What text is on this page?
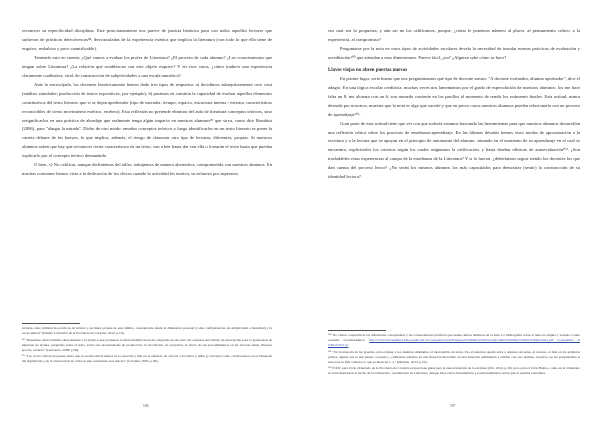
reconocer su especificidad disciplinar. Este posicionamiento nos parece de justicia histórica para con todos aquellos lectores que sufrieron de prácticas detectivescas⁸⁸, desvinculadas de la experiencia estética que implica la literatura (con todo lo que ella tiene de esquivo, resbaloso y poco cuantificable).

Teniendo esto en cuenta: ¿Qué vamos a evaluar los profes de Literatura? ¿El proceso de cada alumno? ¿Los conocimientos que tengan sobre Literatura? ¿La relación que establezcan con este objeto esquivo? Y en esos casos, ¿cómo traducir una experiencia claramente cualitativa, vital, de construcción de subjetividades a una escala numérica?

Ante la encrucijada, los docentes históricamente hemos dado tres tipos de respuesta: a) decidimos subrepticiamente cero cosa (análisis simulador, producción de textos expositivos, por ejemplo); b) pusimos en cuestión la capacidad de evaluar aquellos elementos constitutivos del texto literario que si se dejan aprehender (tipo de narrador, tiempo, espacio, estructura interna / externa, características reconocibles de cierto movimiento estético, etcétera). Esta reflexión no pretende eliminar del aula de literatura conceptos teóricos, sino resignificarlos en una práctica de abordaje que realmente tenga algún impacto en nuestros alumnos⁸⁹ que sirva, como dice Bombini (2006), para "alargar la mirada". Dicho de otro modo: enseñar conceptos teóricos y luego identificarlos en un texto literario es poner la carreta delante de los bueyes, lo que implica, además, el riesgo de clausurar otro tipo de lecturas, diferentes, propias. Si nuestros alumnos saben que hay que reconocer cierta característica en un texto, van a leer hasta dar con ella o forzarán el texto hasta que puedan explicarlo por el concepto teórico demandado.

O bien, c) No calificar, aunque disfrutemos del taller, trabajemos de manera alternativa, comprometida con nuestros alumnos. En muchas ocasiones hemos visto a la dedicación de los chicos cuando la actividad les motiva, su esfuerzo por superarse,

lecturas, sino también las prácticas de lectura y escritura propias de este ámbito, considerados desde la dimensión personal (como configuradoras de subjetividad e identidad) y la sociocultural" (Diseño Curricular de la Provincia de Córdoba, 2012, p.10).
⁸⁸ "Denomino direccionismo directamente a la práctica que promueve la mera identificación de categorías en un texto sin ocuparse del trabajo de descripción para la generación de hipótesis de lectura, preguntas sobre el texto, sobre sus circunstancias de producción, su circulación, su recepción, el efecto de sus procedimientos en los lectores desde diversas épocas, etcétera" (Gerbaudo, 2008, p.59).
⁸⁹ "Las voces críticas proponen ahora que la escuela inicia menos en la reacción y más en el esfuerzo de colocar a los niños y niñas (y jóvenes) como colaboradores en la búsqueda del significado y en la observación de cómo se han construido esos efectos" (Colomer, 2005, p.39).
106

sea cual sea la propuesta, y aún así no los calificamos, porque, ¿cómo le ponemos número al placer, al pensamiento crítico, a la experiencia, al compromiso?

Preguntarse por la nota en otros tipos de actividades escolares devela la necesidad de instalar nuevas prácticas de evaluación y acreditación¹⁰⁰ que atiendan a esas dimensiones. Parece fácil, ¿no? ¿Alguien sabe cómo se hace?

Llaves viejas no abren puertas nuevas

En primer lugar, sería bueno que nos preguntáramos qué tipo de docente somos: "A docente evaluador, alumno aprobador", dice el adagio. En una lógica escolar crediticia, muchas veces nos lamentamos por el grado de especulación de nuestros alumnos: los me hace falta un 8, me alcanza con un 6, son moneda corriente en los pasillos al momento de rendir los exámenes finales. Esta actitud, nunca deseada por nosotros, muestra que la nota es algo que sucede y que en pocos casos nuestros alumnos pueden relacionarla con un proceso de aprendizaje¹⁰¹.

Gran parte de esta actitud tiene que ver con que todavía estamos buscando las herramientas para que nuestros alumnos desarrollen una reflexión crítica sobre los procesos de enseñanza-aprendizaje. En las últimas décadas hemos visto modos de aproximación a la escritura y a la lectura que se apoyan en el principio de autonomía del alumno: situando en el momento de su aprendizaje en el cual se encuentra, explicitarles los criterios según los cuales asignamos la calificación, y hasta diseñar rúbricas de autoevaluación¹⁰². ¿Son trasladables estas experiencias al campo de la enseñanza de la Literatura? Y si lo fueron, ¿deberíamos seguir siendo los docentes los que dan cuenta del proceso lector? ¿No serán los mismos alumnos los más capacitados para demostrar (sentir) la construcción de su identidad lectora?

¹⁰⁰ No vamos a especificar las diferencias conceptuales y las consecuencias prácticas que tienen ambos términos en el aula. La bibliografía sobre el tema es amplia y variada. Como consulta recomendamos: http://www.jornadasfhce.fahce.unlp.edu.ar/v-jornadas/actas/Ponencias%20Mesa%20coloquio/Mesa%20taller%20de%20literatura.pdf (consultado el 5/2013/10:1 h)
¹⁰¹ "En la mayoría de las pruebas, para evaluar a los alumnos utilizamos el intercambio de notas. Esa evaluación quizás sirva a algunos docentes, el recurso, el más en los primeros grados, alguna vez se han puesto a pensar [...] Mientras estemos en una situación mercantil, en una situación admitiendo a cambio con otro alumno, nosotros, no les preguntamos si esta nota es más o menos lo que se merecen [...] " (Meirieu, 2013, p.22).
¹⁰² El DC para Ciclo Orientado de la Provincia de Córdoba proporciona guías para la autoevaluación de la escritura (DC, 2012, p.59), pero para el Ciclo Básico, como en el Orientado se evita mencionar el hecho de la evaluación / acreditación en Literatura, aunque haya claros lineamientos y posicionamientos sobre qué es enseñar Literatura.
107
